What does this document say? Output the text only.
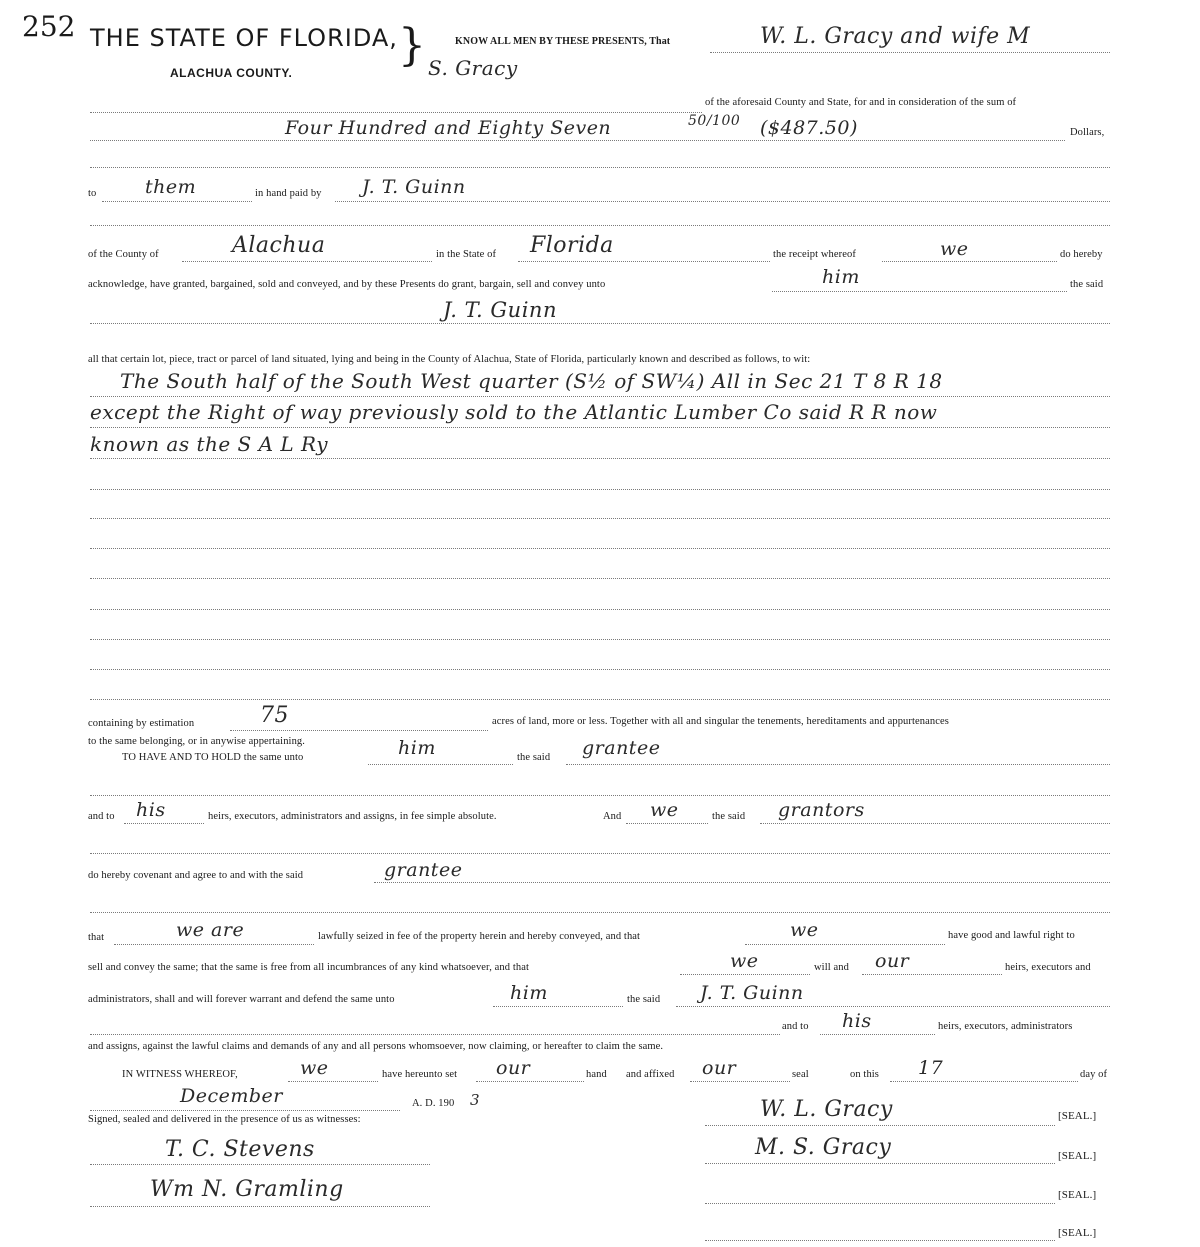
252 THE STATE OF FLORIDA,
ALACHUA COUNTY.
}	KNOW ALL MEN BY THESE PRESENTS, That	W. L. Gracy and wife M
S. Gracy
of the aforesaid County and State, for and in consideration of the sum of
Four Hundred and Eighty Seven	50/100 ($487.50)	Dollars,
to	them	in hand paid by J. T. Guinn
of the County of	Alachua	in the State of Florida	the receipt whereof	we	do hereby
acknowledge, have granted, bargained, sold and conveyed, and by these Presents do grant, bargain, sell and convey unto	him	the said
J. T. Guinn
all that certain lot, piece, tract or parcel of land situated, lying and being in the County of Alachua, State of Florida, particularly known and described as follows, to wit:
The South half of the South West quarter (S½ of SW¼) All in Sec 21 T 8 R 18
except the Right of way previously sold to the Atlantic Lumber Co said R R now
known as the S A L Ry
containing by estimation	75	acres of land, more or less. Together with all and singular the tenements, hereditaments and appurtenances
to the same belonging, or in anywise appertaining.
TO HAVE AND TO HOLD the same unto	him	the said grantee
and to his	heirs, executors, administrators and assigns, in fee simple absolute.	And we	the said grantors
do hereby covenant and agree to and with the said	grantee
that	we are	lawfully seized in fee of the property herein and hereby conveyed, and that	we	have good and lawful right to
sell and convey the same; that the same is free from all incumbrances of any kind whatsoever, and that	we	will and our	heirs, executors and
administrators, shall and will forever warrant and defend the same unto	him	the said J. T. Guinn
and to his	heirs, executors, administrators
and assigns, against the lawful claims and demands of any and all persons whomsoever, now claiming, or hereafter to claim the same.
IN WITNESS WHEREOF,	we	have hereunto set our	hand and affixed our	seal	on this 17	day of
December	A. D. 190 3
Signed, sealed and delivered in the presence of us as witnesses:	W. L. Gracy	[SEAL.]
T. C. Stevens	M. S. Gracy	[SEAL.]
Wm N. Gramling	[SEAL.]
[SEAL.]
